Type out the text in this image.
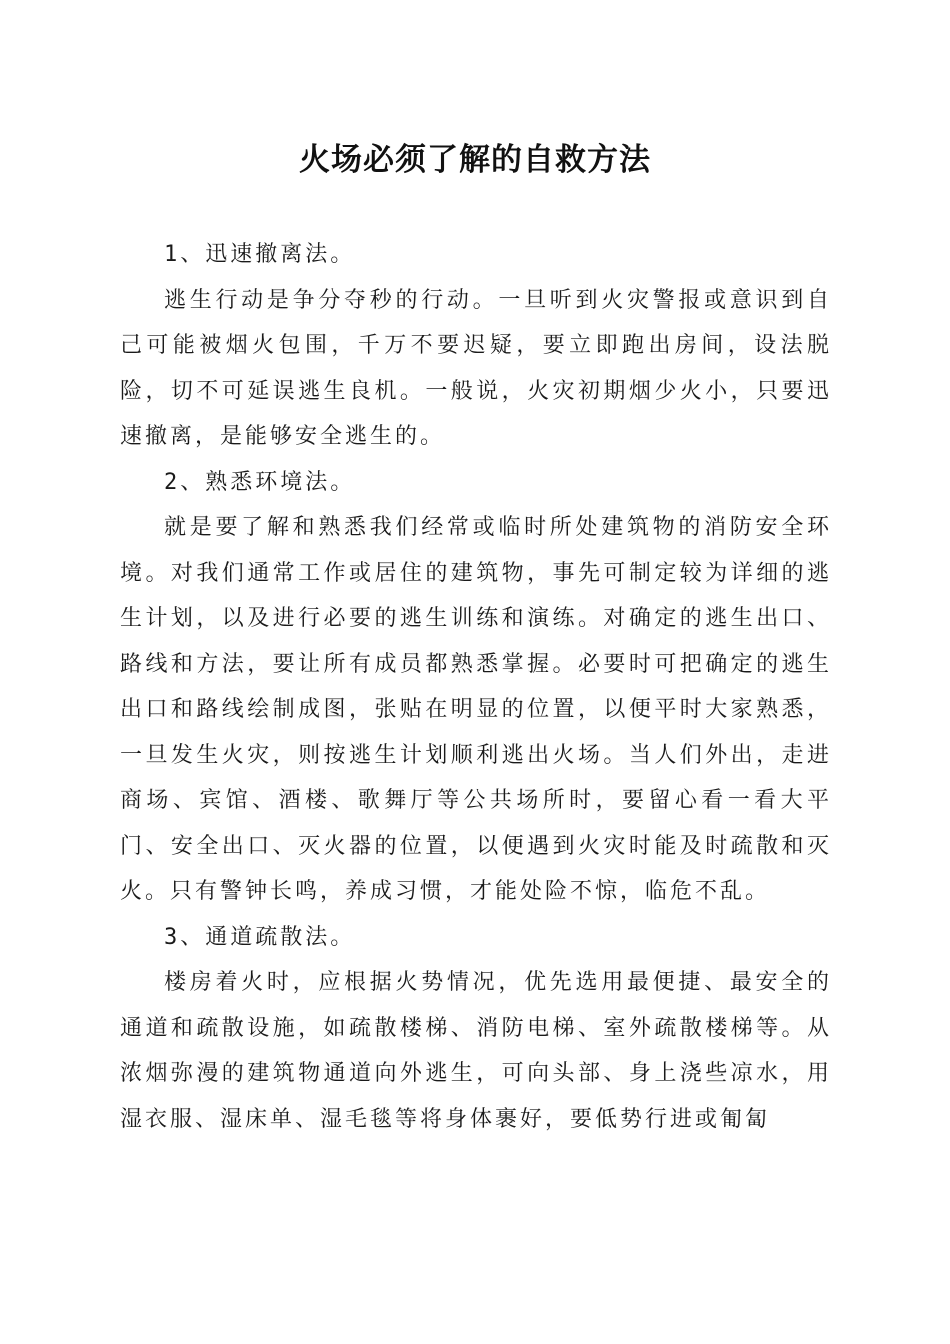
火场必须了解的自救方法

1、迅速撤离法。

逃生行动是争分夺秒的行动。一旦听到火灾警报或意识到自己可能被烟火包围，千万不要迟疑，要立即跑出房间，设法脱险，切不可延误逃生良机。一般说，火灾初期烟少火小，只要迅速撤离，是能够安全逃生的。

2、熟悉环境法。

就是要了解和熟悉我们经常或临时所处建筑物的消防安全环境。对我们通常工作或居住的建筑物，事先可制定较为详细的逃生计划，以及进行必要的逃生训练和演练。对确定的逃生出口、路线和方法，要让所有成员都熟悉掌握。必要时可把确定的逃生出口和路线绘制成图，张贴在明显的位置，以便平时大家熟悉，一旦发生火灾，则按逃生计划顺利逃出火场。当人们外出，走进商场、宾馆、酒楼、歌舞厅等公共场所时，要留心看一看大平门、安全出口、灭火器的位置，以便遇到火灾时能及时疏散和灭火。只有警钟长鸣，养成习惯，才能处险不惊，临危不乱。

3、通道疏散法。

楼房着火时，应根据火势情况，优先选用最便捷、最安全的通道和疏散设施，如疏散楼梯、消防电梯、室外疏散楼梯等。从浓烟弥漫的建筑物通道向外逃生，可向头部、身上浇些凉水，用湿衣服、湿床单、湿毛毯等将身体裹好，要低势行进或匍匐
